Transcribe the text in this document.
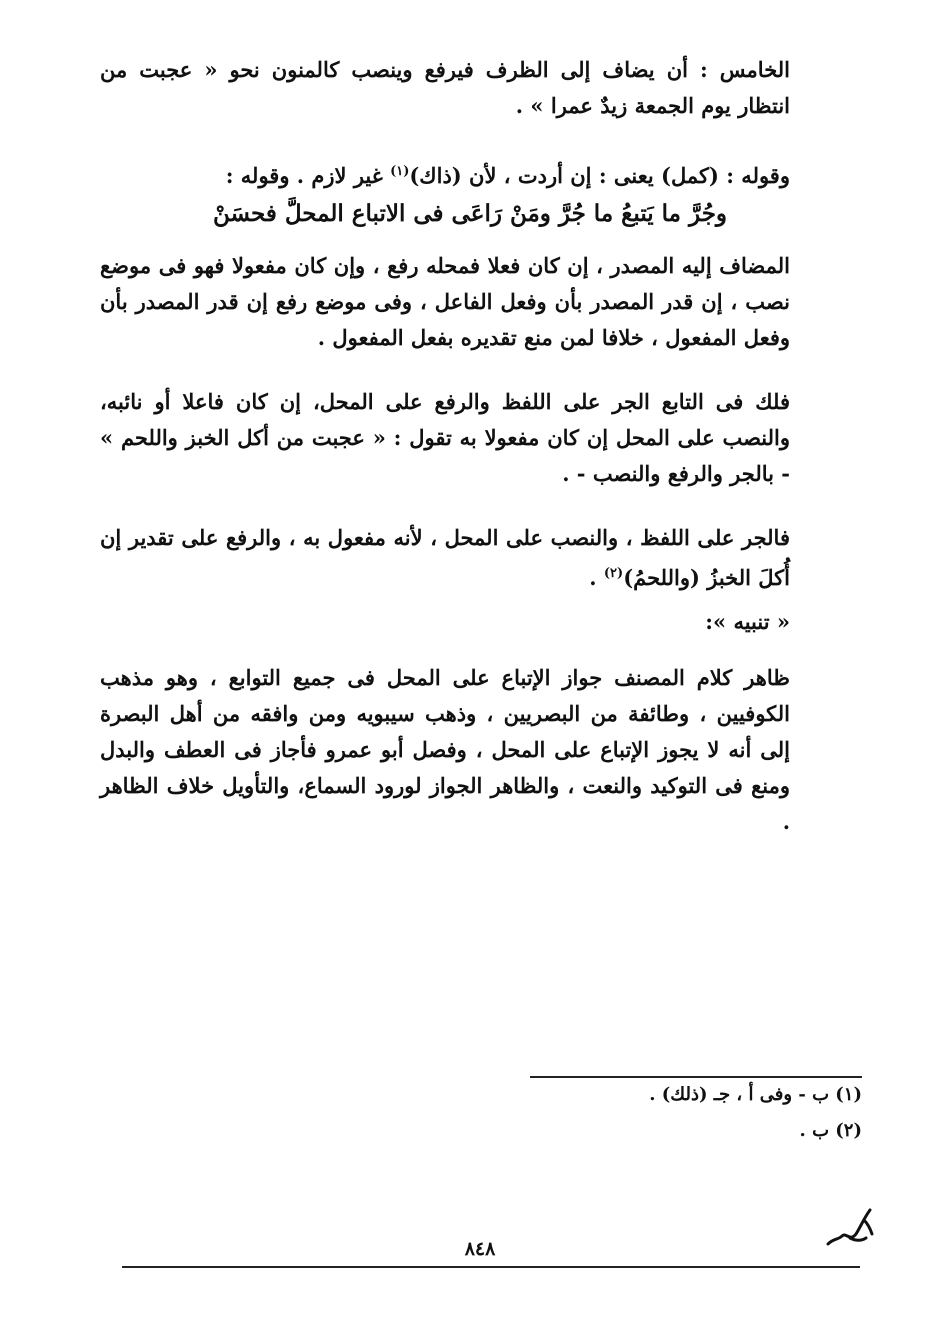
الخامس : أن يضاف إلى الظرف فيرفع وينصب كالمنون نحو « عجبت من انتظار يوم الجمعة زيدٌ عمرا » .

وقوله : (كمل) يعنى : إن أردت ، لأن (ذاك)$^{(١)}$ غير لازم . وقوله :

وجُرَّ ما يَتبعُ ما جُرَّ ومَنْ رَاعَى فى الاتباع المحلَّ فحسَنْ

المضاف إليه المصدر ، إن كان فعلا فمحله رفع ، وإن كان مفعولا فهو فى موضع نصب ، إن قدر المصدر بأن وفعل الفاعل ، وفى موضع رفع إن قدر المصدر بأن وفعل المفعول ، خلافا لمن منع تقديره بفعل المفعول .

فلك فى التابع الجر على اللفظ والرفع على المحل، إن كان فاعلا أو نائبه، والنصب على المحل إن كان مفعولا به تقول : « عجبت من أكل الخبز واللحم » - بالجر والرفع والنصب - .

فالجر على اللفظ ، والنصب على المحل ، لأنه مفعول به ، والرفع على تقدير إن أُكلَ الخبزُ (واللحمُ)$^{(٢)}$ .

« تنبيه »:

ظاهر كلام المصنف جواز الإتباع على المحل فى جميع التوابع ، وهو مذهب الكوفيين ، وطائفة من البصريين ، وذهب سيبويه ومن وافقه من أهل البصرة إلى أنه لا يجوز الإتباع على المحل ، وفصل أبو عمرو فأجاز فى العطف والبدل ومنع فى التوكيد والنعت ، والظاهر الجواز لورود السماع، والتأويل خلاف الظاهر .

(١) ب - وفى أ ، جـ (ذلك) .
(٢) ب .
٨٤٨
